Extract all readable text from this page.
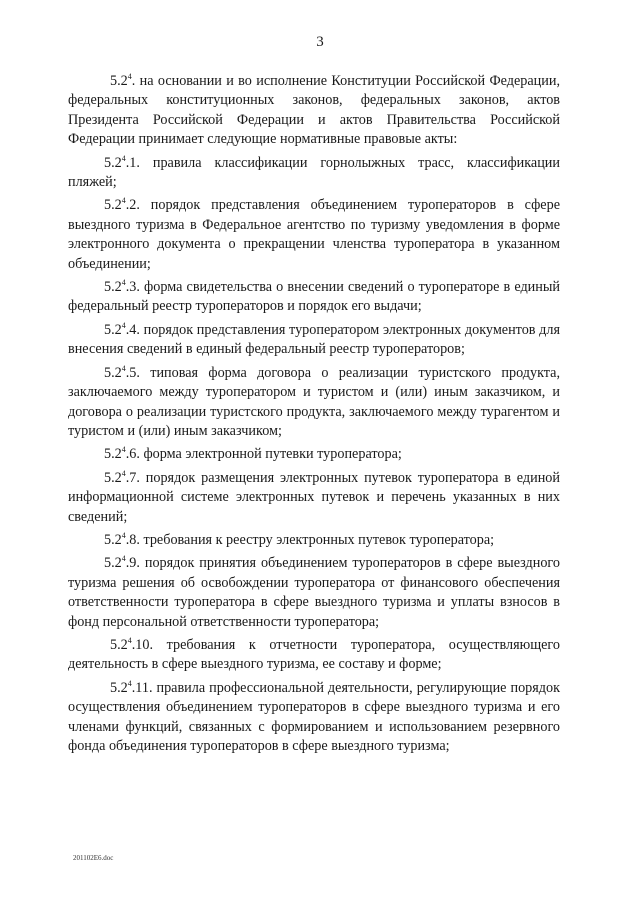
3

$5.2^4$. на основании и во исполнение Конституции Российской Федерации, федеральных конституционных законов, федеральных законов, актов Президента Российской Федерации и актов Правительства Российской Федерации принимает следующие нормативные правовые акты:

$5.2^4.1$. правила классификации горнолыжных трасс, классификации пляжей;

$5.2^4.2$. порядок представления объединением туроператоров в сфере выездного туризма в Федеральное агентство по туризму уведомления в форме электронного документа о прекращении членства туроператора в указанном объединении;

$5.2^4.3$. форма свидетельства о внесении сведений о туроператоре в единый федеральный реестр туроператоров и порядок его выдачи;

$5.2^4.4$. порядок представления туроператором электронных документов для внесения сведений в единый федеральный реестр туроператоров;

$5.2^4.5$. типовая форма договора о реализации туристского продукта, заключаемого между туроператором и туристом и (или) иным заказчиком, и договора о реализации туристского продукта, заключаемого между турагентом и туристом и (или) иным заказчиком;

$5.2^4.6$. форма электронной путевки туроператора;

$5.2^4.7$. порядок размещения электронных путевок туроператора в единой информационной системе электронных путевок и перечень указанных в них сведений;

$5.2^4.8$. требования к реестру электронных путевок туроператора;

$5.2^4.9$. порядок принятия объединением туроператоров в сфере выездного туризма решения об освобождении туроператора от финансового обеспечения ответственности туроператора в сфере выездного туризма и уплаты взносов в фонд персональной ответственности туроператора;

$5.2^4.10$. требования к отчетности туроператора, осуществляющего деятельность в сфере выездного туризма, ее составу и форме;

$5.2^4.11$. правила профессиональной деятельности, регулирующие порядок осуществления объединением туроператоров в сфере выездного туризма и его членами функций, связанных с формированием и использованием резервного фонда объединения туроператоров в сфере выездного туризма;

201102E6.doc
